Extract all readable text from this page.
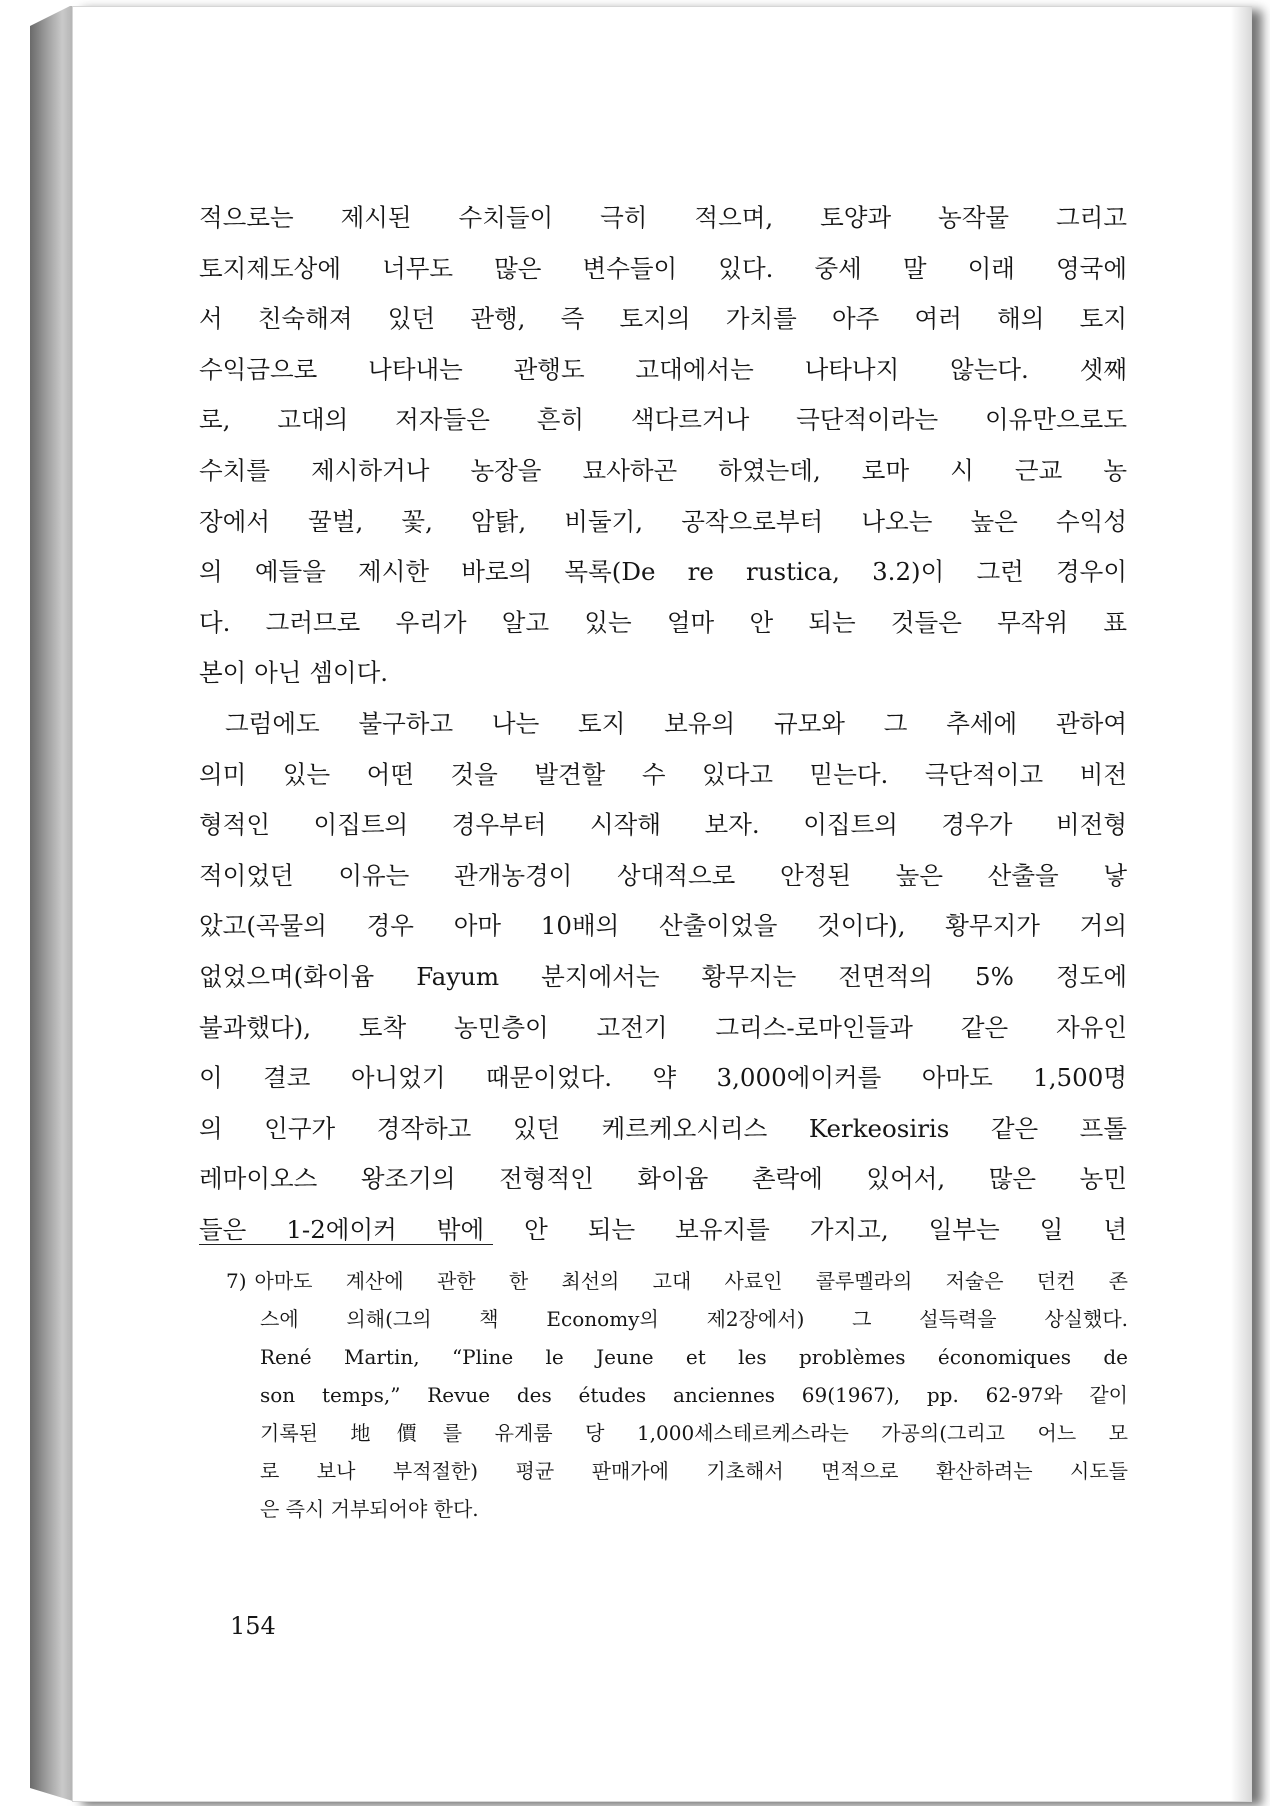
적으로는 제시된 수치들이 극히 적으며, 토양과 농작물 그리고
토지제도상에 너무도 많은 변수들이 있다. 중세 말 이래 영국에
서 친숙해져 있던 관행, 즉 토지의 가치를 아주 여러 해의 토지
수익금으로 나타내는 관행도 고대에서는 나타나지 않는다. 셋째
로, 고대의 저자들은 흔히 색다르거나 극단적이라는 이유만으로도
수치를 제시하거나 농장을 묘사하곤 하였는데, 로마 시 근교 농
장에서 꿀벌, 꽃, 암탉, 비둘기, 공작으로부터 나오는 높은 수익성
의 예들을 제시한 바로의 목록(De re rustica, 3.2)이 그런 경우이
다. 그러므로 우리가 알고 있는 얼마 안 되는 것들은 무작위 표
본이 아닌 셈이다.
그럼에도 불구하고 나는 토지 보유의 규모와 그 추세에 관하여
의미 있는 어떤 것을 발견할 수 있다고 믿는다. 극단적이고 비전
형적인 이집트의 경우부터 시작해 보자. 이집트의 경우가 비전형
적이었던 이유는 관개농경이 상대적으로 안정된 높은 산출을 낳
았고(곡물의 경우 아마 10배의 산출이었을 것이다), 황무지가 거의
없었으며(화이윰 Fayum 분지에서는 황무지는 전면적의 5% 정도에
불과했다), 토착 농민층이 고전기 그리스-로마인들과 같은 자유인
이 결코 아니었기 때문이었다. 약 3,000에이커를 아마도 1,500명
의 인구가 경작하고 있던 케르케오시리스 Kerkeosiris 같은 프톨
레마이오스 왕조기의 전형적인 화이윰 촌락에 있어서, 많은 농민
들은 1-2에이커 밖에 안 되는 보유지를 가지고, 일부는 일 년
7) 아마도 계산에 관한 한 최선의 고대 사료인 콜루멜라의 저술은 던컨 존
스에 의해(그의 책 Economy의 제2장에서) 그 설득력을 상실했다.
René Martin, “Pline le Jeune et les problèmes économiques de
son temps,” Revue des études anciennes 69(1967), pp. 62-97와 같이
기록된 地價를 유게룸 당 1,000세스테르케스라는 가공의(그리고 어느 모
로 보나 부적절한) 평균 판매가에 기초해서 면적으로 환산하려는 시도들
은 즉시 거부되어야 한다.
154
